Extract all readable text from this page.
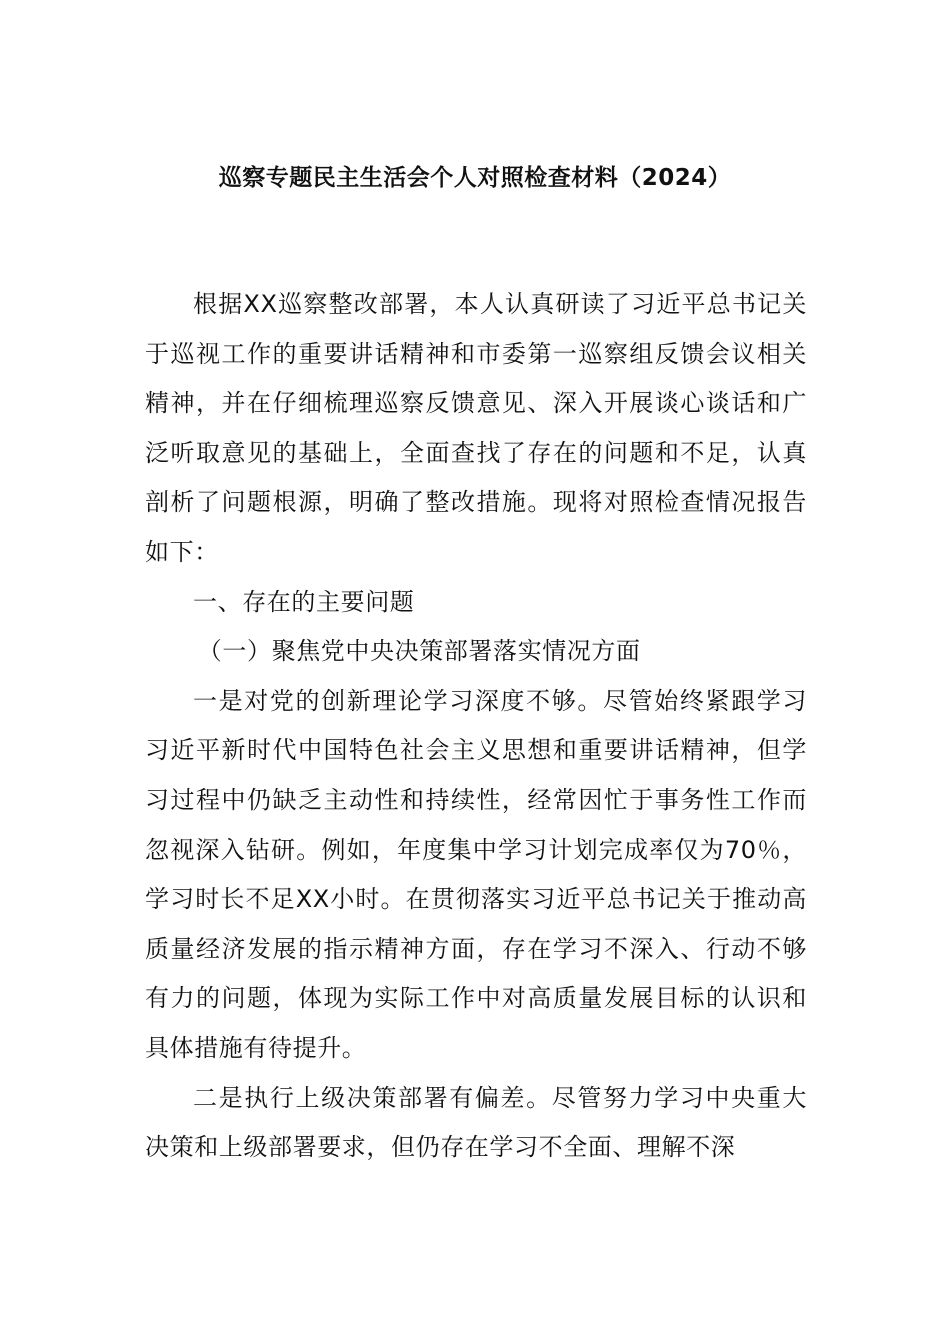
巡察专题民主生活会个人对照检查材料（2024）

根据XX巡察整改部署，本人认真研读了习近平总书记关于巡视工作的重要讲话精神和市委第一巡察组反馈会议相关精神，并在仔细梳理巡察反馈意见、深入开展谈心谈话和广泛听取意见的基础上，全面查找了存在的问题和不足，认真剖析了问题根源，明确了整改措施。现将对照检查情况报告如下：

一、存在的主要问题

（一）聚焦党中央决策部署落实情况方面

一是对党的创新理论学习深度不够。尽管始终紧跟学习习近平新时代中国特色社会主义思想和重要讲话精神，但学习过程中仍缺乏主动性和持续性，经常因忙于事务性工作而忽视深入钻研。例如，年度集中学习计划完成率仅为70％，学习时长不足XX小时。在贯彻落实习近平总书记关于推动高质量经济发展的指示精神方面，存在学习不深入、行动不够有力的问题，体现为实际工作中对高质量发展目标的认识和具体措施有待提升。

二是执行上级决策部署有偏差。尽管努力学习中央重大决策和上级部署要求，但仍存在学习不全面、理解不深
